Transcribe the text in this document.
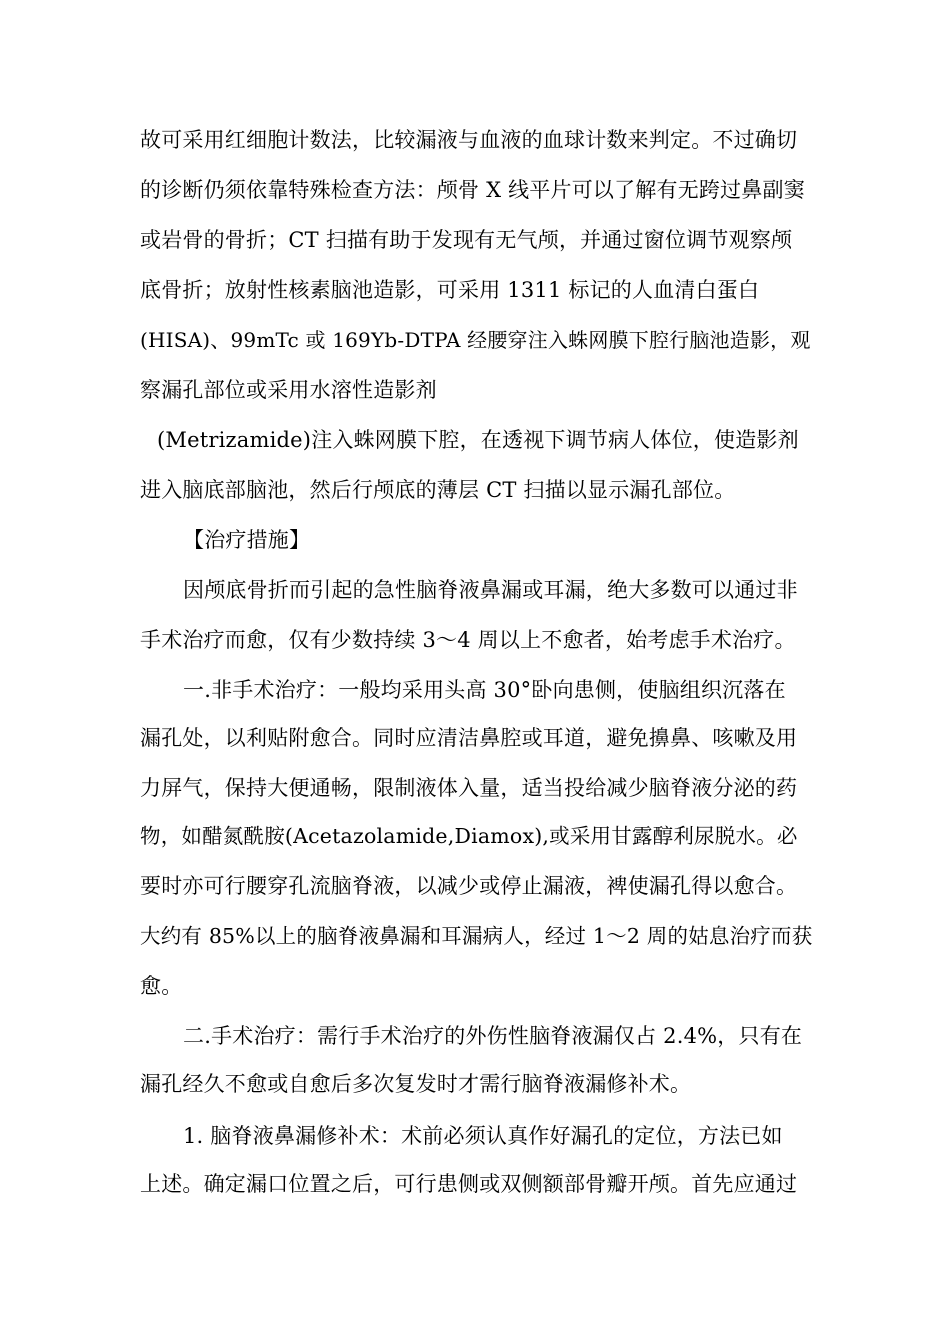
故可采用红细胞计数法，比较漏液与血液的血球计数来判定。不过确切
的诊断仍须依靠特殊检查方法：颅骨 X 线平片可以了解有无跨过鼻副窦
或岩骨的骨折；CT 扫描有助于发现有无气颅，并通过窗位调节观察颅
底骨折；放射性核素脑池造影，可采用 1311 标记的人血清白蛋白
(HISA)、99mTc 或 169Yb-DTPA 经腰穿注入蛛网膜下腔行脑池造影，观
察漏孔部位或采用水溶性造影剂
(Metrizamide)注入蛛网膜下腔，在透视下调节病人体位，使造影剂
进入脑底部脑池，然后行颅底的薄层 CT 扫描以显示漏孔部位。
【治疗措施】
因颅底骨折而引起的急性脑脊液鼻漏或耳漏，绝大多数可以通过非
手术治疗而愈，仅有少数持续 3～4 周以上不愈者，始考虑手术治疗。
一.非手术治疗：一般均采用头高 30°卧向患侧，使脑组织沉落在
漏孔处，以利贴附愈合。同时应清洁鼻腔或耳道，避免擤鼻、咳嗽及用
力屏气，保持大便通畅，限制液体入量，适当投给减少脑脊液分泌的药
物，如醋氮酰胺(Acetazolamide,Diamox),或采用甘露醇利尿脱水。必
要时亦可行腰穿孔流脑脊液，以减少或停止漏液，裨使漏孔得以愈合。
大约有 85%以上的脑脊液鼻漏和耳漏病人，经过 1～2 周的姑息治疗而获
愈。
二.手术治疗：需行手术治疗的外伤性脑脊液漏仅占 2.4%，只有在
漏孔经久不愈或自愈后多次复发时才需行脑脊液漏修补术。
1. 脑脊液鼻漏修补术：术前必须认真作好漏孔的定位，方法已如
上述。确定漏口位置之后，可行患侧或双侧额部骨瓣开颅。首先应通过
